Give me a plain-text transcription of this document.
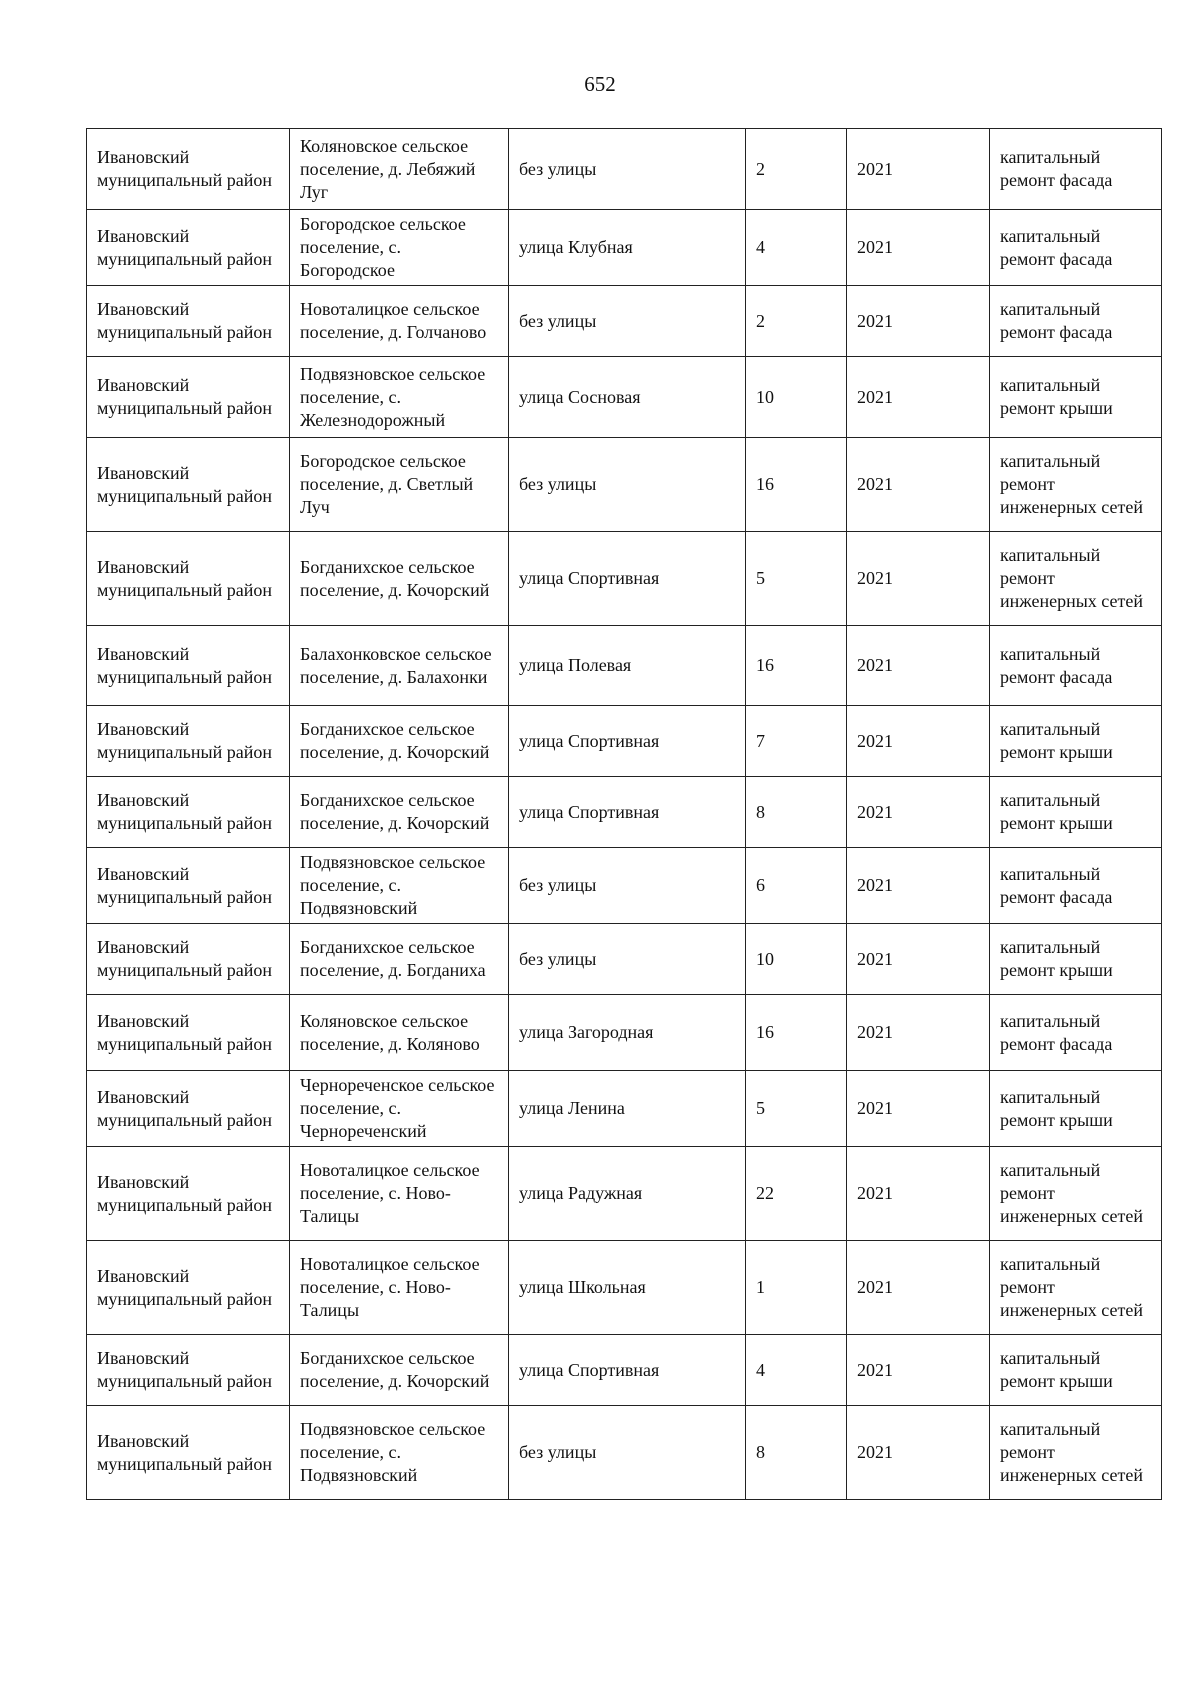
652
Ивановский муниципальный район	Коляновское сельское поселение, д. Лебяжий Луг	без улицы	2	2021	капитальный ремонт фасада
Ивановский муниципальный район	Богородское сельское поселение, с. Богородское	улица Клубная	4	2021	капитальный ремонт фасада
Ивановский муниципальный район	Новоталицкое сельское поселение, д. Голчаново	без улицы	2	2021	капитальный ремонт фасада
Ивановский муниципальный район	Подвязновское сельское поселение, с. Железнодорожный	улица Сосновая	10	2021	капитальный ремонт крыши
Ивановский муниципальный район	Богородское сельское поселение, д. Светлый Луч	без улицы	16	2021	капитальный ремонт инженерных сетей
Ивановский муниципальный район	Богданихское сельское поселение, д. Кочорский	улица Спортивная	5	2021	капитальный ремонт инженерных сетей
Ивановский муниципальный район	Балахонковское сельское поселение, д. Балахонки	улица Полевая	16	2021	капитальный ремонт фасада
Ивановский муниципальный район	Богданихское сельское поселение, д. Кочорский	улица Спортивная	7	2021	капитальный ремонт крыши
Ивановский муниципальный район	Богданихское сельское поселение, д. Кочорский	улица Спортивная	8	2021	капитальный ремонт крыши
Ивановский муниципальный район	Подвязновское сельское поселение, с. Подвязновский	без улицы	6	2021	капитальный ремонт фасада
Ивановский муниципальный район	Богданихское сельское поселение, д. Богданиха	без улицы	10	2021	капитальный ремонт крыши
Ивановский муниципальный район	Коляновское сельское поселение, д. Коляново	улица Загородная	16	2021	капитальный ремонт фасада
Ивановский муниципальный район	Чернореченское сельское поселение, с. Чернореченский	улица Ленина	5	2021	капитальный ремонт крыши
Ивановский муниципальный район	Новоталицкое сельское поселение, с. Ново-Талицы	улица Радужная	22	2021	капитальный ремонт инженерных сетей
Ивановский муниципальный район	Новоталицкое сельское поселение, с. Ново-Талицы	улица Школьная	1	2021	капитальный ремонт инженерных сетей
Ивановский муниципальный район	Богданихское сельское поселение, д. Кочорский	улица Спортивная	4	2021	капитальный ремонт крыши
Ивановский муниципальный район	Подвязновское сельское поселение, с. Подвязновский	без улицы	8	2021	капитальный ремонт инженерных сетей
